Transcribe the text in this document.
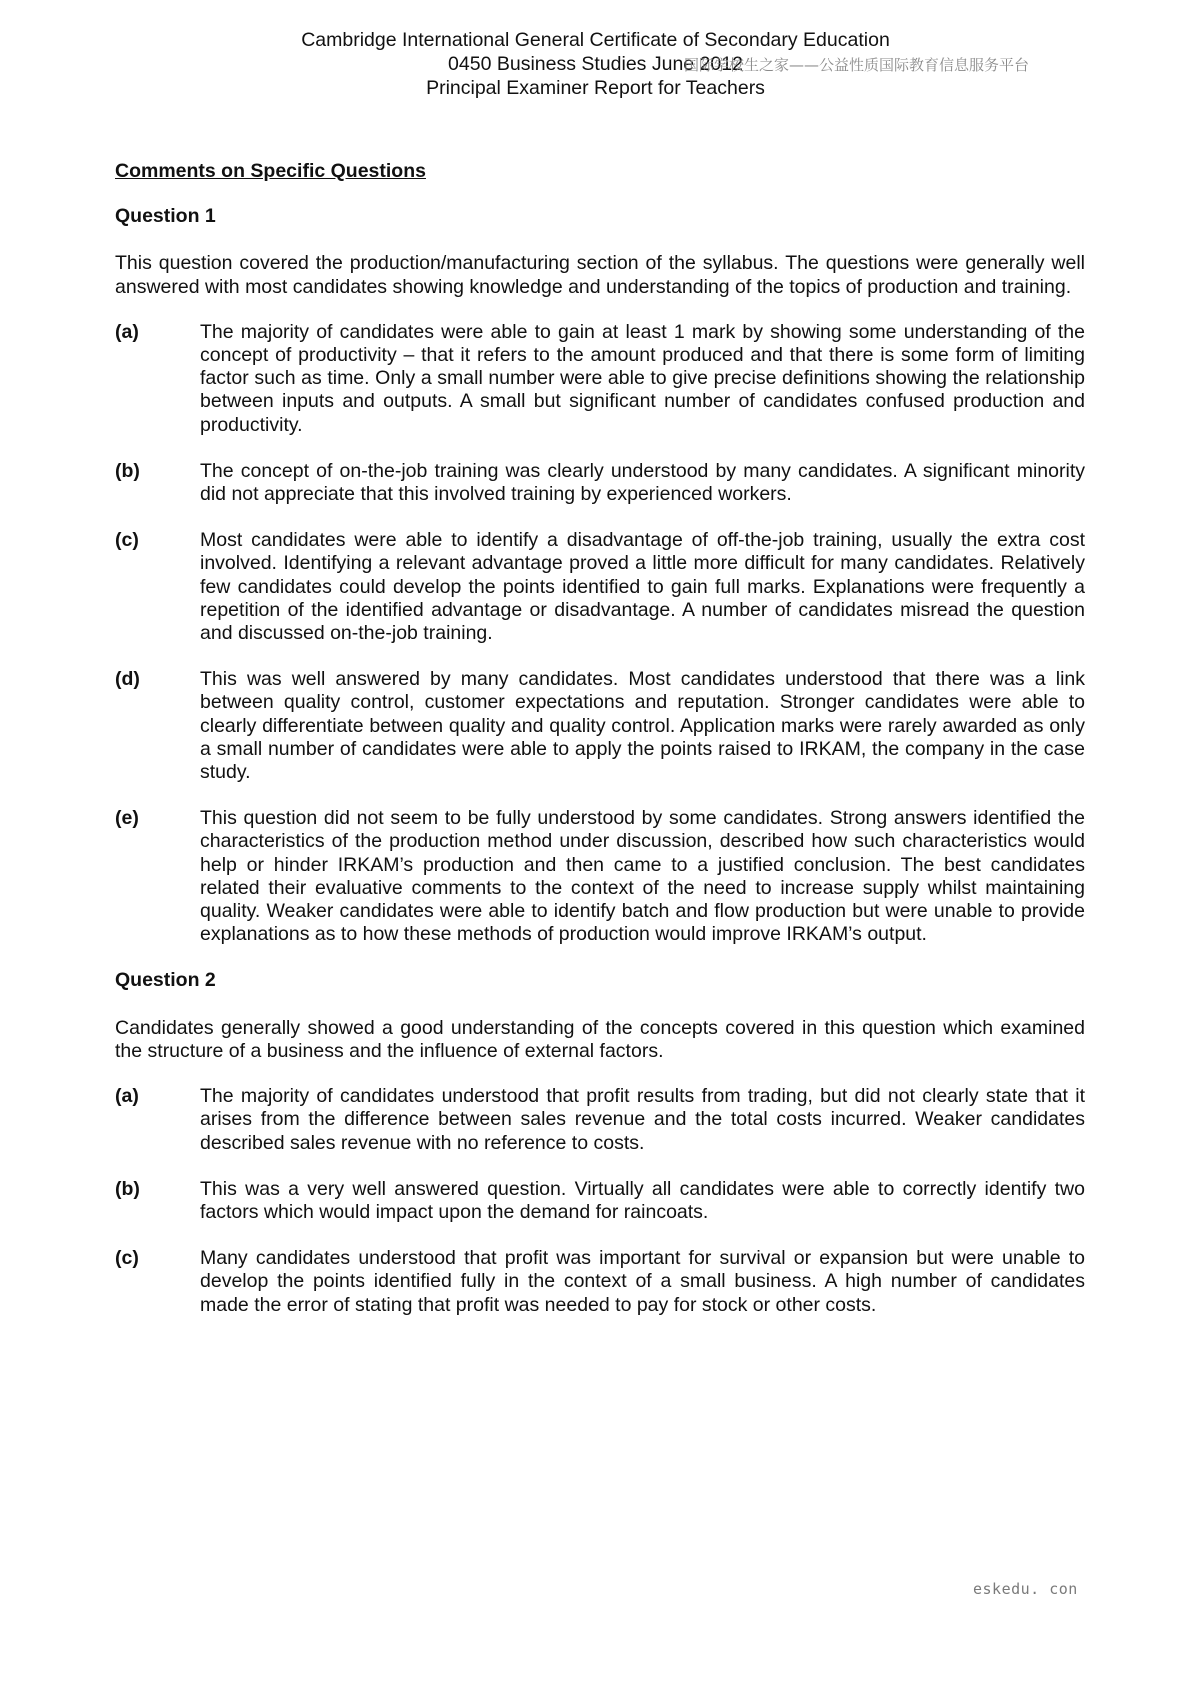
Cambridge International General Certificate of Secondary Education
0450 Business Studies June 2012
Principal Examiner Report for Teachers
国际学校生之家——公益性质国际教育信息服务平台
Comments on Specific Questions
Question 1
This question covered the production/manufacturing section of the syllabus. The questions were generally well answered with most candidates showing knowledge and understanding of the topics of production and training.
(a)	The majority of candidates were able to gain at least 1 mark by showing some understanding of the concept of productivity – that it refers to the amount produced and that there is some form of limiting factor such as time. Only a small number were able to give precise definitions showing the relationship between inputs and outputs. A small but significant number of candidates confused production and productivity.
(b)	The concept of on-the-job training was clearly understood by many candidates. A significant minority did not appreciate that this involved training by experienced workers.
(c)	Most candidates were able to identify a disadvantage of off-the-job training, usually the extra cost involved. Identifying a relevant advantage proved a little more difficult for many candidates. Relatively few candidates could develop the points identified to gain full marks. Explanations were frequently a repetition of the identified advantage or disadvantage. A number of candidates misread the question and discussed on-the-job training.
(d)	This was well answered by many candidates. Most candidates understood that there was a link between quality control, customer expectations and reputation. Stronger candidates were able to clearly differentiate between quality and quality control. Application marks were rarely awarded as only a small number of candidates were able to apply the points raised to IRKAM, the company in the case study.
(e)	This question did not seem to be fully understood by some candidates. Strong answers identified the characteristics of the production method under discussion, described how such characteristics would help or hinder IRKAM’s production and then came to a justified conclusion. The best candidates related their evaluative comments to the context of the need to increase supply whilst maintaining quality. Weaker candidates were able to identify batch and flow production but were unable to provide explanations as to how these methods of production would improve IRKAM’s output.
Question 2
Candidates generally showed a good understanding of the concepts covered in this question which examined the structure of a business and the influence of external factors.
(a)	The majority of candidates understood that profit results from trading, but did not clearly state that it arises from the difference between sales revenue and the total costs incurred. Weaker candidates described sales revenue with no reference to costs.
(b)	This was a very well answered question. Virtually all candidates were able to correctly identify two factors which would impact upon the demand for raincoats.
(c)	Many candidates understood that profit was important for survival or expansion but were unable to develop the points identified fully in the context of a small business. A high number of candidates made the error of stating that profit was needed to pay for stock or other costs.
eskedu. con
